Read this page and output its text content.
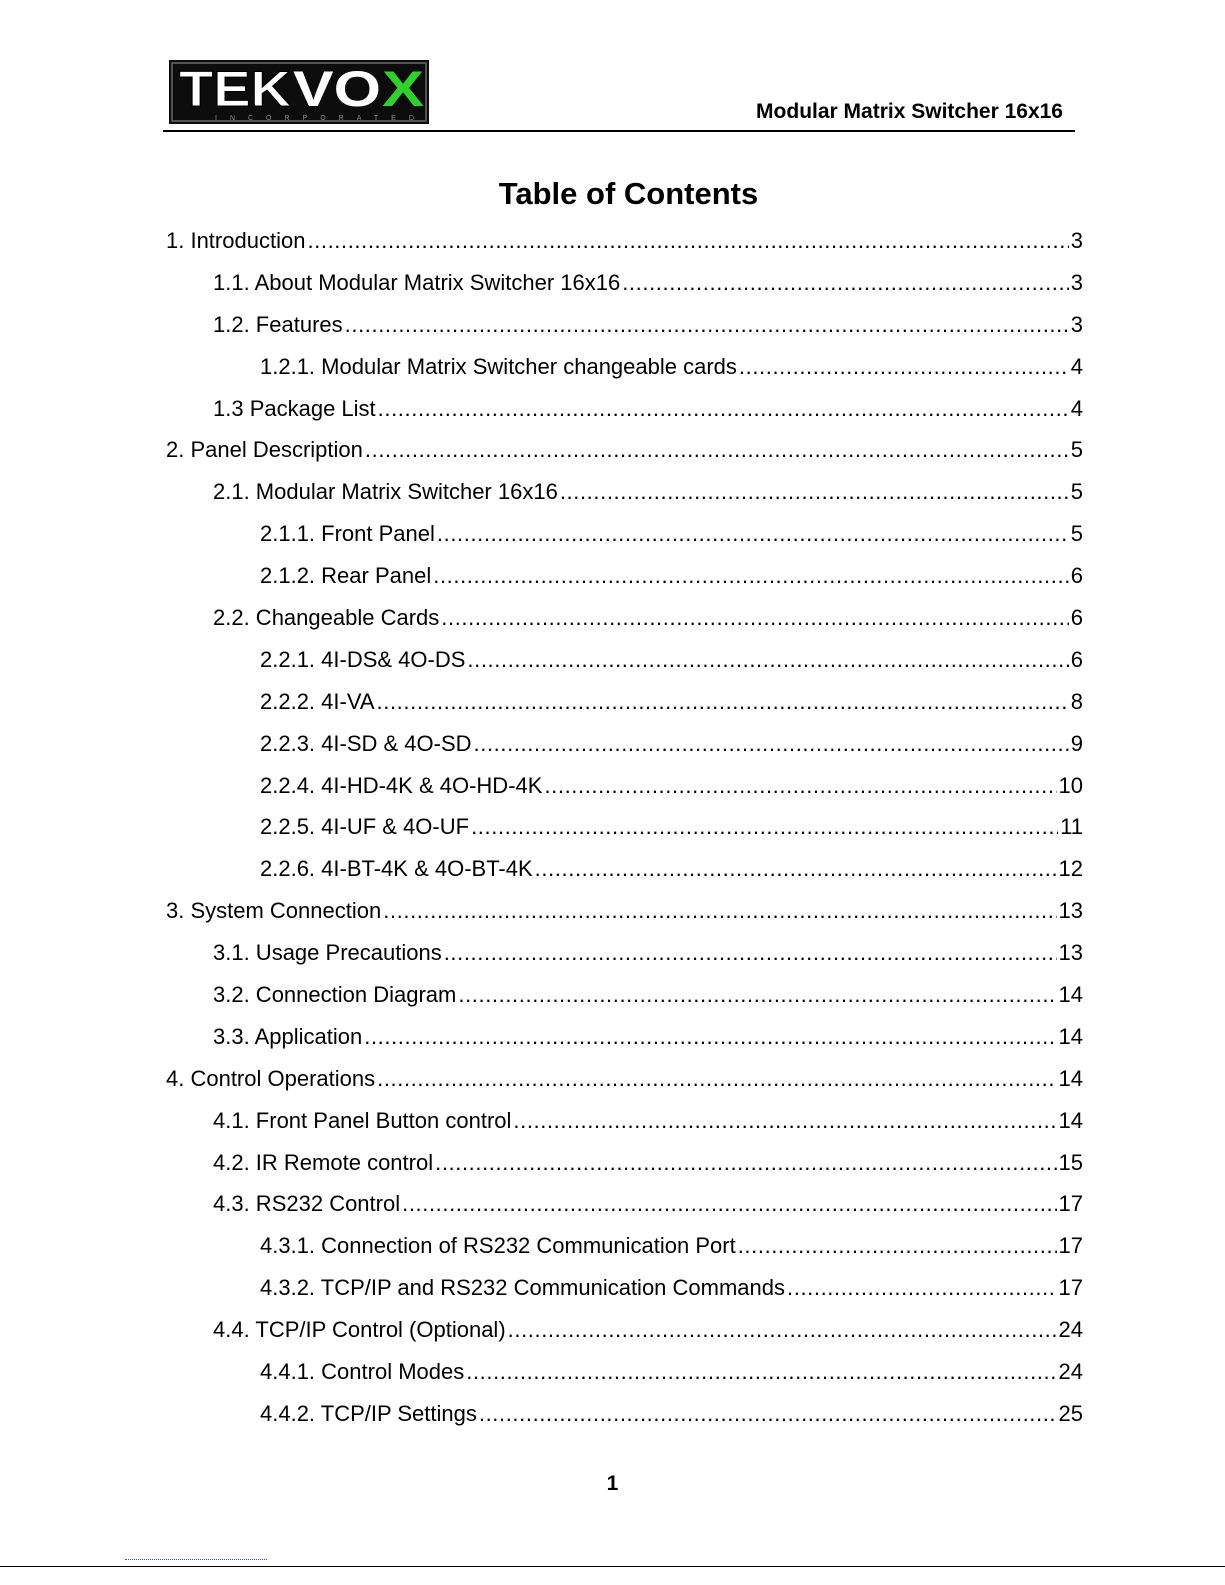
TEK VO X
INCORPORATED	Modular Matrix Switcher 16x16
Table of Contents
1. Introduction .....	3
1.1. About Modular Matrix Switcher 16x16 .....	3
1.2. Features .....	3
1.2.1. Modular Matrix Switcher changeable cards .....	4
1.3 Package List .....	4
2. Panel Description .....	5
2.1. Modular Matrix Switcher 16x16 .....	5
2.1.1. Front Panel .....	5
2.1.2. Rear Panel .....	6
2.2. Changeable Cards .....	6
2.2.1. 4I-DS& 4O-DS .....	6
2.2.2. 4I-VA .....	8
2.2.3. 4I-SD & 4O-SD .....	9
2.2.4. 4I-HD-4K & 4O-HD-4K .....	10
2.2.5. 4I-UF & 4O-UF .....	11
2.2.6. 4I-BT-4K & 4O-BT-4K .....	12
3. System Connection .....	13
3.1. Usage Precautions .....	13
3.2. Connection Diagram .....	14
3.3. Application .....	14
4. Control Operations .....	14
4.1. Front Panel Button control .....	14
4.2. IR Remote control .....	15
4.3. RS232 Control .....	17
4.3.1. Connection of RS232 Communication Port .....	17
4.3.2. TCP/IP and RS232 Communication Commands .....	17
4.4. TCP/IP Control (Optional) .....	24
4.4.1. Control Modes .....	24
4.4.2. TCP/IP Settings .....	25
1
